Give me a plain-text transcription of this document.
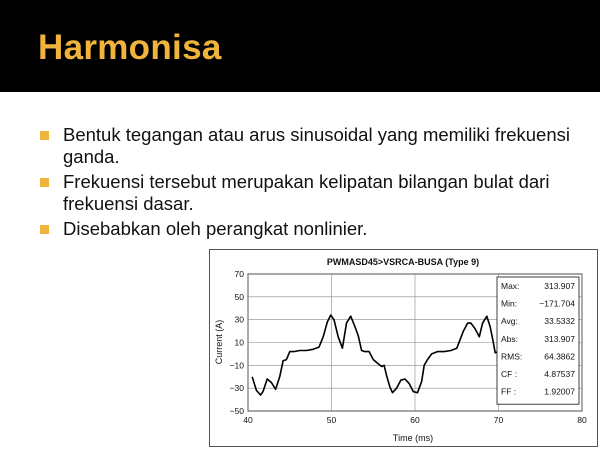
Harmonisa
Bentuk tegangan atau arus sinusoidal yang memiliki frekuensi ganda.
Frekuensi tersebut merupakan kelipatan bilangan bulat dari frekuensi dasar.
Disebabkan oleh perangkat nonlinier.
PWMASD45>VSRCA-BUSA (Type 9)
Current (A)
Time (ms)
70
50
30
10
−10
−30
−50
40	50	60	70	80
Max:	313.907
Min:	−171.704
Avg:	33.5332
Abs:	313.907
RMS:	64.3862
CF :	4.87537
FF :	1.92007
